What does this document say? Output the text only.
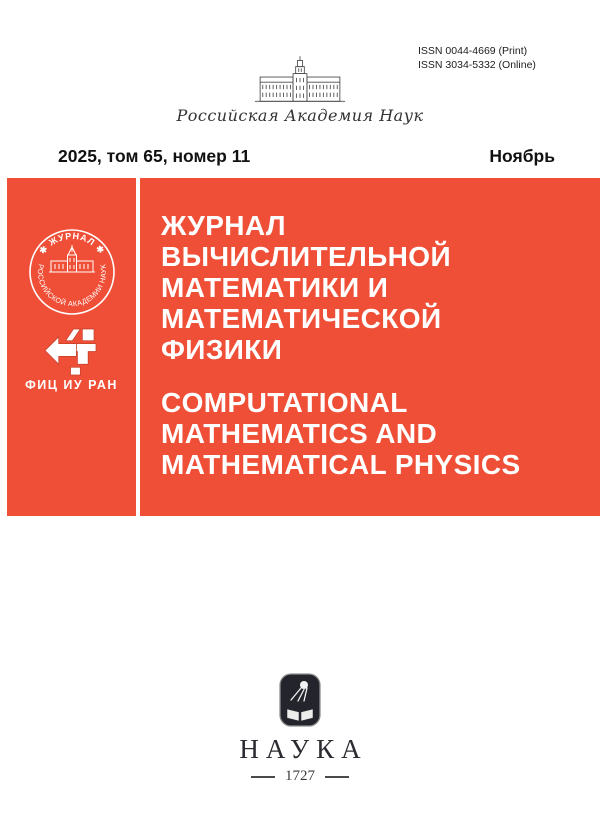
ISSN 0044-4669 (Print)
ISSN 3034-5332 (Online)
Российская Академия Наук
2025, том 65, номер 11	Ноябрь
✱ ЖУРНАЛ ✱
РОССИЙСКОЙ АКАДЕМИИ НАУК
ФИЦ ИУ РАН
ЖУРНАЛ
ВЫЧИСЛИТЕЛЬНОЙ
МАТЕМАТИКИ И
МАТЕМАТИЧЕСКОЙ
ФИЗИКИ
COMPUTATIONAL
MATHEMATICS AND
MATHEMATICAL PHYSICS
НАУКА
1727
